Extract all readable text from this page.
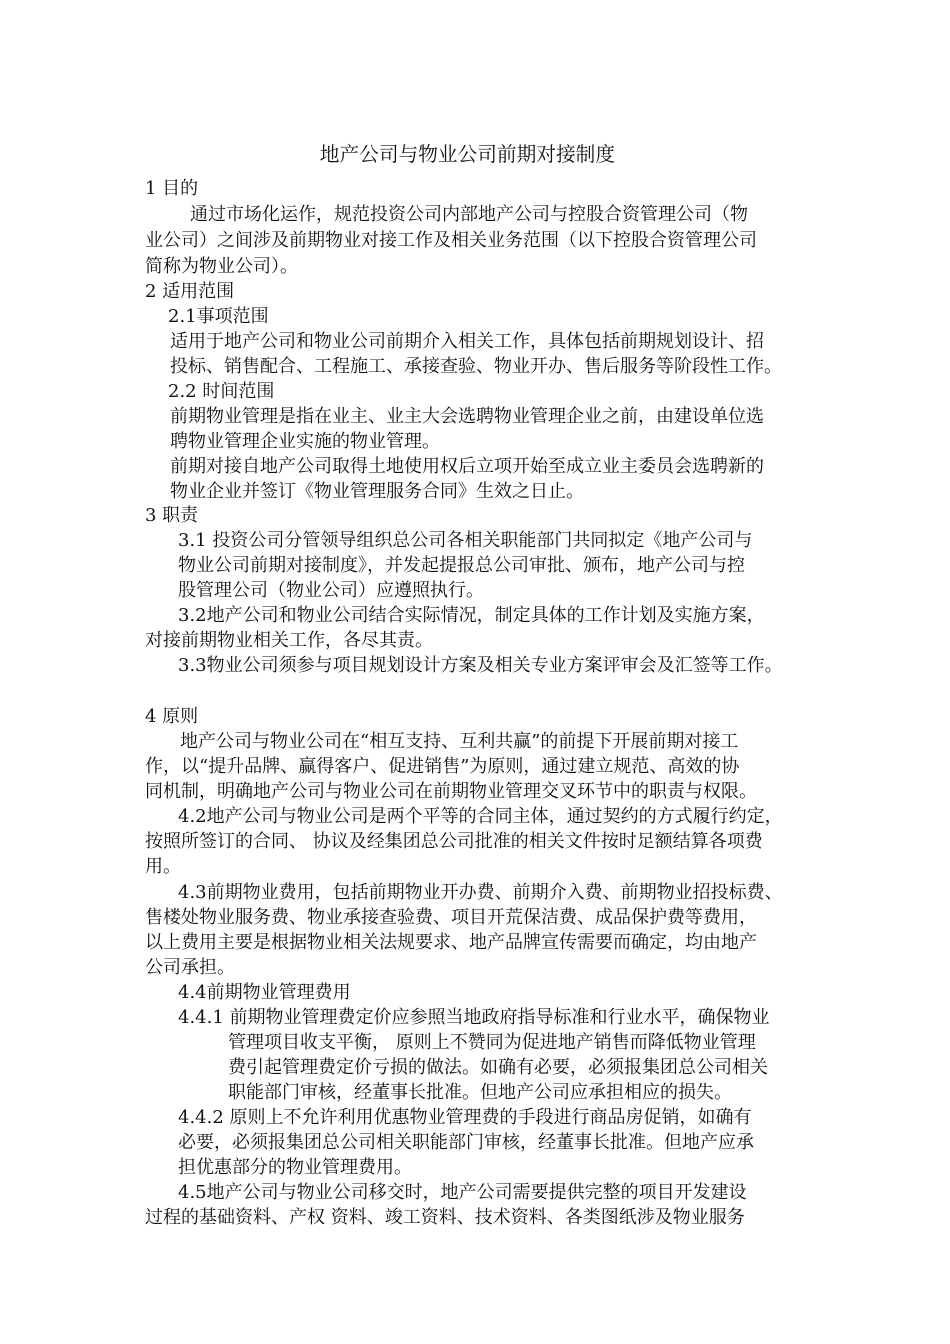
地产公司与物业公司前期对接制度
1 目的
通过市场化运作，规范投资公司内部地产公司与控股合资管理公司（物
业公司）之间涉及前期物业对接工作及相关业务范围（以下控股合资管理公司
简称为物业公司）。
2 适用范围
2.1事项范围
适用于地产公司和物业公司前期介入相关工作，具体包括前期规划设计、招
投标、销售配合、工程施工、承接查验、物业开办、售后服务等阶段性工作。
2.2 时间范围
前期物业管理是指在业主、业主大会选聘物业管理企业之前，由建设单位选
聘物业管理企业实施的物业管理。
前期对接自地产公司取得土地使用权后立项开始至成立业主委员会选聘新的
物业企业并签订《物业管理服务合同》生效之日止。
3 职责
3.1 投资公司分管领导组织总公司各相关职能部门共同拟定《地产公司与
物业公司前期对接制度》，并发起提报总公司审批、颁布，地产公司与控
股管理公司（物业公司）应遵照执行。
3.2地产公司和物业公司结合实际情况，制定具体的工作计划及实施方案，
对接前期物业相关工作，各尽其责。
3.3物业公司须参与项目规划设计方案及相关专业方案评审会及汇签等工作。
4 原则
地产公司与物业公司在“相互支持、互利共赢”的前提下开展前期对接工
作，以“提升品牌、赢得客户、促进销售”为原则，通过建立规范、高效的协
同机制，明确地产公司与物业公司在前期物业管理交叉环节中的职责与权限。
4.2地产公司与物业公司是两个平等的合同主体，通过契约的方式履行约定，
按照所签订的合同、 协议及经集团总公司批准的相关文件按时足额结算各项费
用。
4.3前期物业费用，包括前期物业开办费、前期介入费、前期物业招投标费、
售楼处物业服务费、物业承接查验费、项目开荒保洁费、成品保护费等费用，
以上费用主要是根据物业相关法规要求、地产品牌宣传需要而确定，均由地产
公司承担。
4.4前期物业管理费用
4.4.1 前期物业管理费定价应参照当地政府指导标准和行业水平，确保物业
管理项目收支平衡， 原则上不赞同为促进地产销售而降低物业管理
费引起管理费定价亏损的做法。如确有必要，必须报集团总公司相关
职能部门审核，经董事长批准。但地产公司应承担相应的损失。
4.4.2 原则上不允许利用优惠物业管理费的手段进行商品房促销，如确有
必要，必须报集团总公司相关职能部门审核，经董事长批准。但地产应承
担优惠部分的物业管理费用。
4.5地产公司与物业公司移交时，地产公司需要提供完整的项目开发建设
过程的基础资料、产权 资料、竣工资料、技术资料、各类图纸涉及物业服务
